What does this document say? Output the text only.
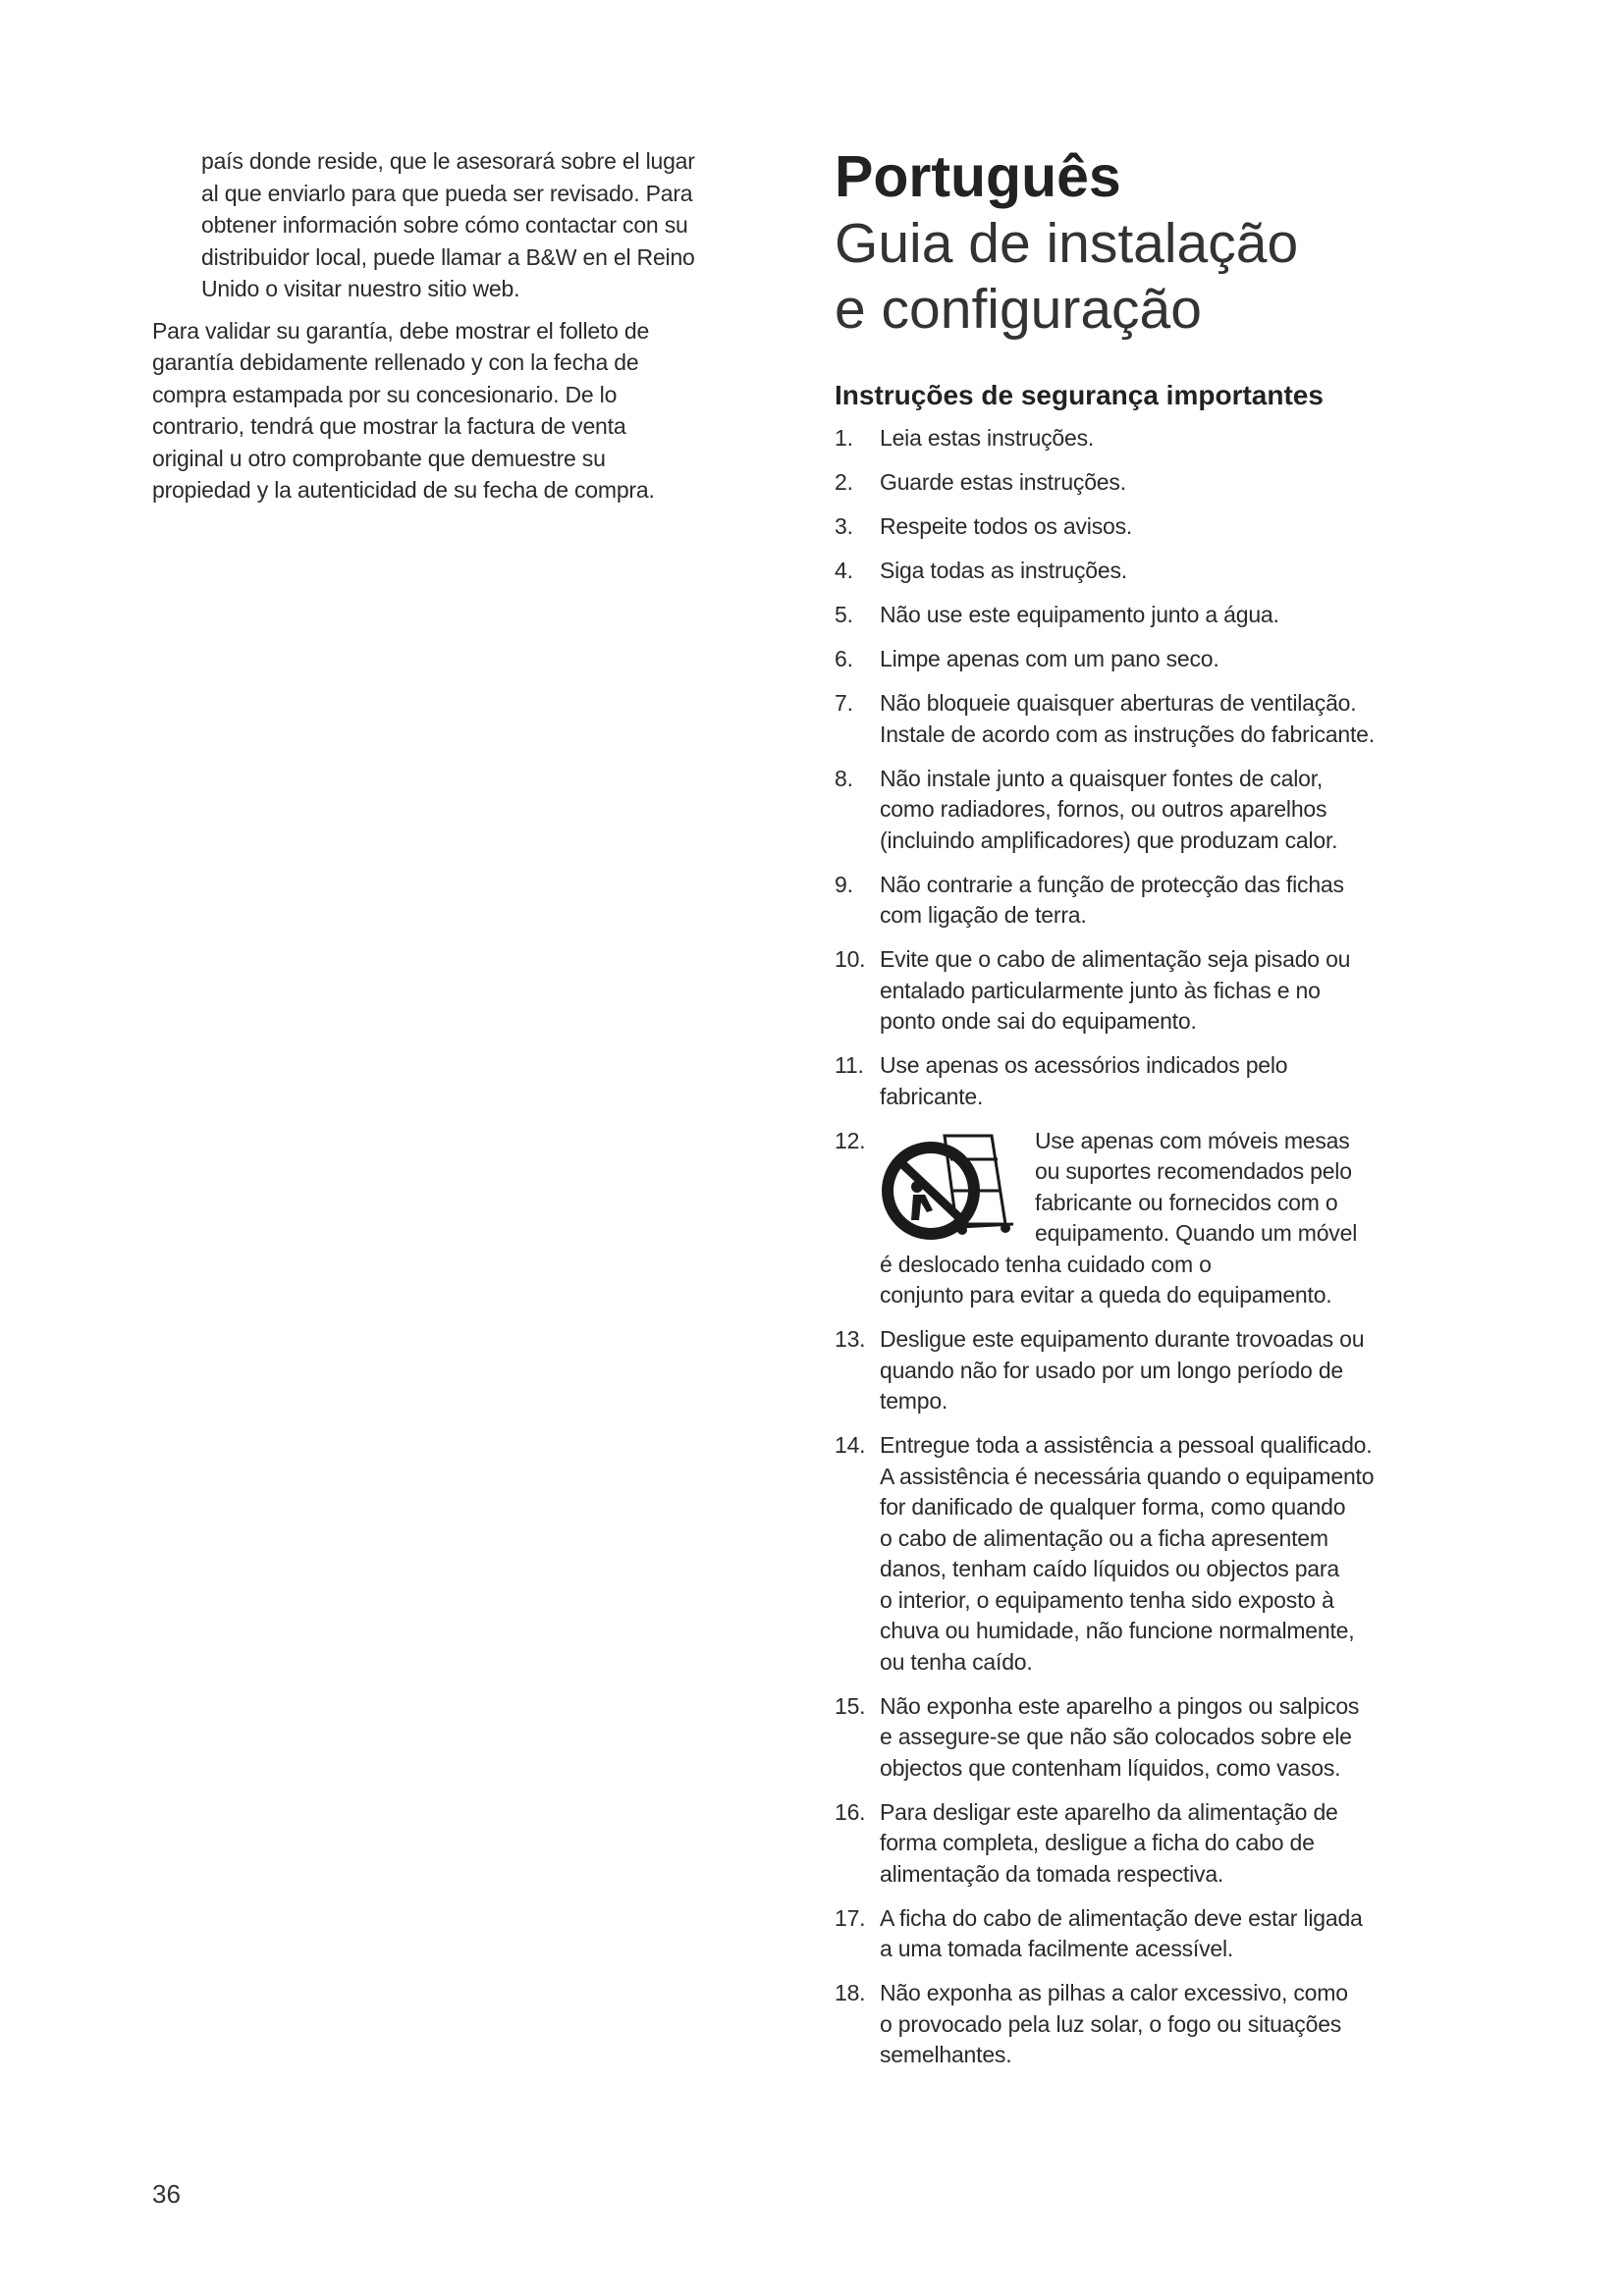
país donde reside, que le asesorará sobre el lugar
al que enviarlo para que pueda ser revisado. Para
obtener información sobre cómo contactar con su
distribuidor local, puede llamar a B&W en el Reino
Unido o visitar nuestro sitio web.

Para validar su garantía, debe mostrar el folleto de
garantía debidamente rellenado y con la fecha de
compra estampada por su concesionario. De lo
contrario, tendrá que mostrar la factura de venta
original u otro comprobante que demuestre su
propiedad y la autenticidad de su fecha de compra.

Português
Guia de instalação
e configuração
Instruções de segurança importantes
1. Leia estas instruções.
2. Guarde estas instruções.
3. Respeite todos os avisos.
4. Siga todas as instruções.
5. Não use este equipamento junto a água.
6. Limpe apenas com um pano seco.
7. Não bloqueie quaisquer aberturas de ventilação.
Instale de acordo com as instruções do fabricante.
8. Não instale junto a quaisquer fontes de calor,
como radiadores, fornos, ou outros aparelhos
(incluindo amplificadores) que produzam calor.
9. Não contrarie a função de protecção das fichas
com ligação de terra.
10. Evite que o cabo de alimentação seja pisado ou
entalado particularmente junto às fichas e no
ponto onde sai do equipamento.
11. Use apenas os acessórios indicados pelo
fabricante.
12.	Use apenas com móveis mesas
ou suportes recomendados pelo
fabricante ou fornecidos com o
equipamento. Quando um móvel
é deslocado tenha cuidado com o
conjunto para evitar a queda do equipamento.
13. Desligue este equipamento durante trovoadas ou
quando não for usado por um longo período de
tempo.
14. Entregue toda a assistência a pessoal qualificado.
A assistência é necessária quando o equipamento
for danificado de qualquer forma, como quando
o cabo de alimentação ou a ficha apresentem
danos, tenham caído líquidos ou objectos para
o interior, o equipamento tenha sido exposto à
chuva ou humidade, não funcione normalmente,
ou tenha caído.
15. Não exponha este aparelho a pingos ou salpicos
e assegure-se que não são colocados sobre ele
objectos que contenham líquidos, como vasos.
16. Para desligar este aparelho da alimentação de
forma completa, desligue a ficha do cabo de
alimentação da tomada respectiva.
17. A ficha do cabo de alimentação deve estar ligada
a uma tomada facilmente acessível.
18. Não exponha as pilhas a calor excessivo, como
o provocado pela luz solar, o fogo ou situações
semelhantes.
36
